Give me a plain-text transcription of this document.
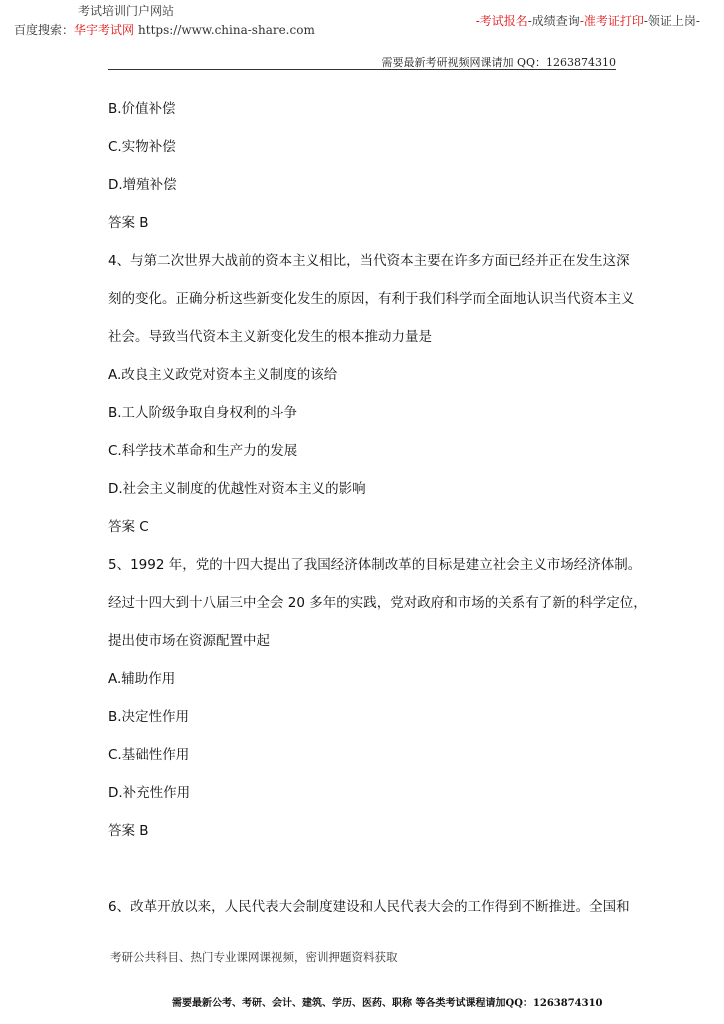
考试培训门户网站
百度搜索：华宇考试网 https://www.china-share.com
-考试报名-成绩查询-准考证打印-领证上岗-
需要最新考研视频网课请加 QQ：1263874310
B.价值补偿
C.实物补偿
D.增殖补偿
答案 B
4、与第二次世界大战前的资本主义相比，当代资本主要在许多方面已经并正在发生这深
刻的变化。正确分析这些新变化发生的原因，有利于我们科学而全面地认识当代资本主义
社会。导致当代资本主义新变化发生的根本推动力量是
A.改良主义政党对资本主义制度的该给
B.工人阶级争取自身权利的斗争
C.科学技术革命和生产力的发展
D.社会主义制度的优越性对资本主义的影响
答案 C
5、1992 年，党的十四大提出了我国经济体制改革的目标是建立社会主义市场经济体制。
经过十四大到十八届三中全会 20 多年的实践，党对政府和市场的关系有了新的科学定位，
提出使市场在资源配置中起
A.辅助作用
B.决定性作用
C.基础性作用
D.补充性作用
答案 B
6、改革开放以来，人民代表大会制度建设和人民代表大会的工作得到不断推进。全国和
考研公共科目、热门专业课网课视频，密训押题资料获取
需要最新公考、考研、会计、建筑、学历、医药、职称 等各类考试课程请加QQ：1263874310
